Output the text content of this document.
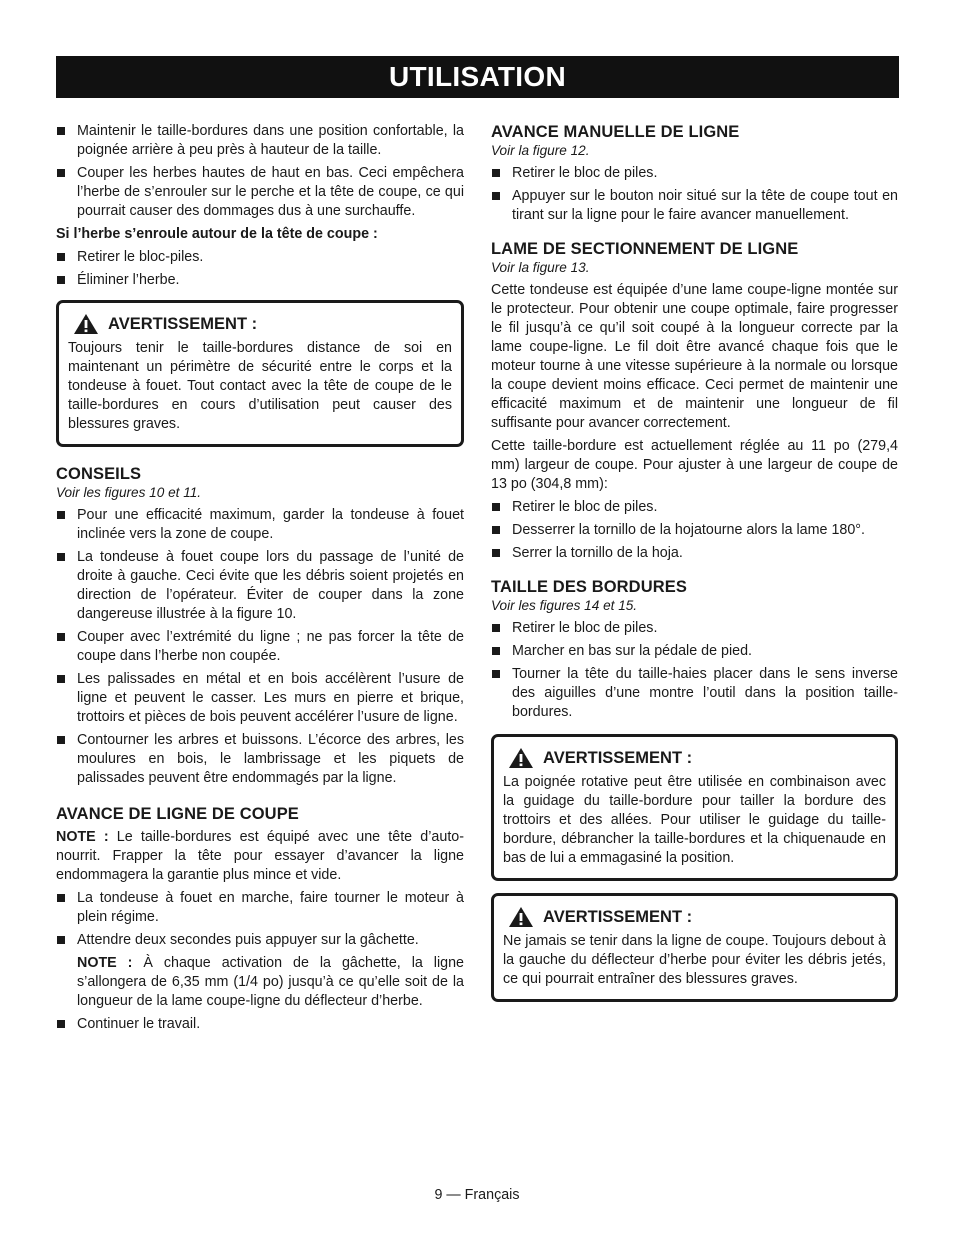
UTILISATION
Maintenir le taille-bordures dans une position confortable, la poignée arrière à peu près à hauteur de la taille.
Couper les herbes hautes de haut en bas. Ceci empêchera l’herbe de s’enrouler sur le perche et la tête de coupe, ce qui pourrait causer des dommages dus à une surchauffe.

Si l’herbe s’enroule autour de la tête de coupe :

Retirer le bloc-piles.
Éliminer l’herbe.
AVERTISSEMENT :

Toujours tenir le taille-bordures distance de soi en maintenant un périmètre de sécurité entre le corps et la tondeuse à fouet. Tout contact avec la tête de coupe de le taille-bordures en cours d’utilisation peut causer des blessures graves.

CONSEILS
Voir les figures 10 et 11.
Pour une efficacité maximum, garder la tondeuse à fouet inclinée vers la zone de coupe.
La tondeuse à fouet coupe lors du passage de l’unité de droite à gauche. Ceci évite que les débris soient projetés en direction de l’opérateur. Éviter de couper dans la zone dangereuse illustrée à la figure 10.
Couper avec l’extrémité du ligne ; ne pas forcer la tête de coupe dans l’herbe non coupée.
Les palissades en métal et en bois accélèrent l’usure de ligne et peuvent le casser. Les murs en pierre et brique, trottoirs et pièces de bois peuvent accélérer l’usure de ligne.
Contourner les arbres et buissons. L’écorce des arbres, les moulures en bois, le lambrissage et les piquets de palissades peuvent être endommagés par la ligne.
AVANCE DE LIGNE DE COUPE

NOTE : Le taille-bordures est équipé avec une tête d’auto-nourrit. Frapper la tête pour essayer d’avancer la ligne endommagera la garantie plus mince et vide.

La tondeuse à fouet en marche, faire tourner le moteur à plein régime.
Attendre deux secondes puis appuyer sur la gâchette.
NOTE : À chaque activation de la gâchette, la ligne s’allongera de 6,35 mm (1/4 po) jusqu’à ce qu’elle soit de la longueur de la lame coupe-ligne du déflecteur d’herbe.
Continuer le travail.
AVANCE MANUELLE DE LIGNE
Voir la figure 12.
Retirer le bloc de piles.
Appuyer sur le bouton noir situé sur la tête de coupe tout en tirant sur la ligne pour le faire avancer manuellement.
LAME DE SECTIONNEMENT DE LIGNE
Voir la figure 13.

Cette tondeuse est équipée d’une lame coupe-ligne montée sur le protecteur. Pour obtenir une coupe optimale, faire progresser le fil jusqu’à ce qu’il soit coupé à la longueur correcte par la lame coupe-ligne. Le fil doit être avancé chaque fois que le moteur tourne à une vitesse supérieure à la normale ou lorsque la coupe devient moins efficace. Ceci permet de maintenir une efficacité maximum et de maintenir une longueur de fil suffisante pour avancer correctement.

Cette taille-bordure est actuellement réglée au 11 po (279,4 mm) largeur de coupe. Pour ajuster à une largeur de coupe de 13 po (304,8 mm):

Retirer le bloc de piles.
Desserrer la tornillo de la hojatourne alors la lame 180°.
Serrer la tornillo de la hoja.
TAILLE DES BORDURES
Voir les figures 14 et 15.
Retirer le bloc de piles.
Marcher en bas sur la pédale de pied.
Tourner la tête du taille-haies placer dans le sens inverse des aiguilles d’une montre l’outil dans la position taille-bordures.
AVERTISSEMENT :

La poignée rotative peut être utilisée en combinaison avec la guidage du taille-bordure pour tailler la bordure des trottoirs et des allées. Pour utiliser le guidage du taille-bordure, débrancher la taille-bordures et la chiquenaude en bas de lui a emmagasiné la position.

AVERTISSEMENT :

Ne jamais se tenir dans la ligne de coupe. Toujours debout à la gauche du déflecteur d’herbe pour éviter les débris jetés, ce qui pourrait entraîner des blessures graves.

9 — Français
